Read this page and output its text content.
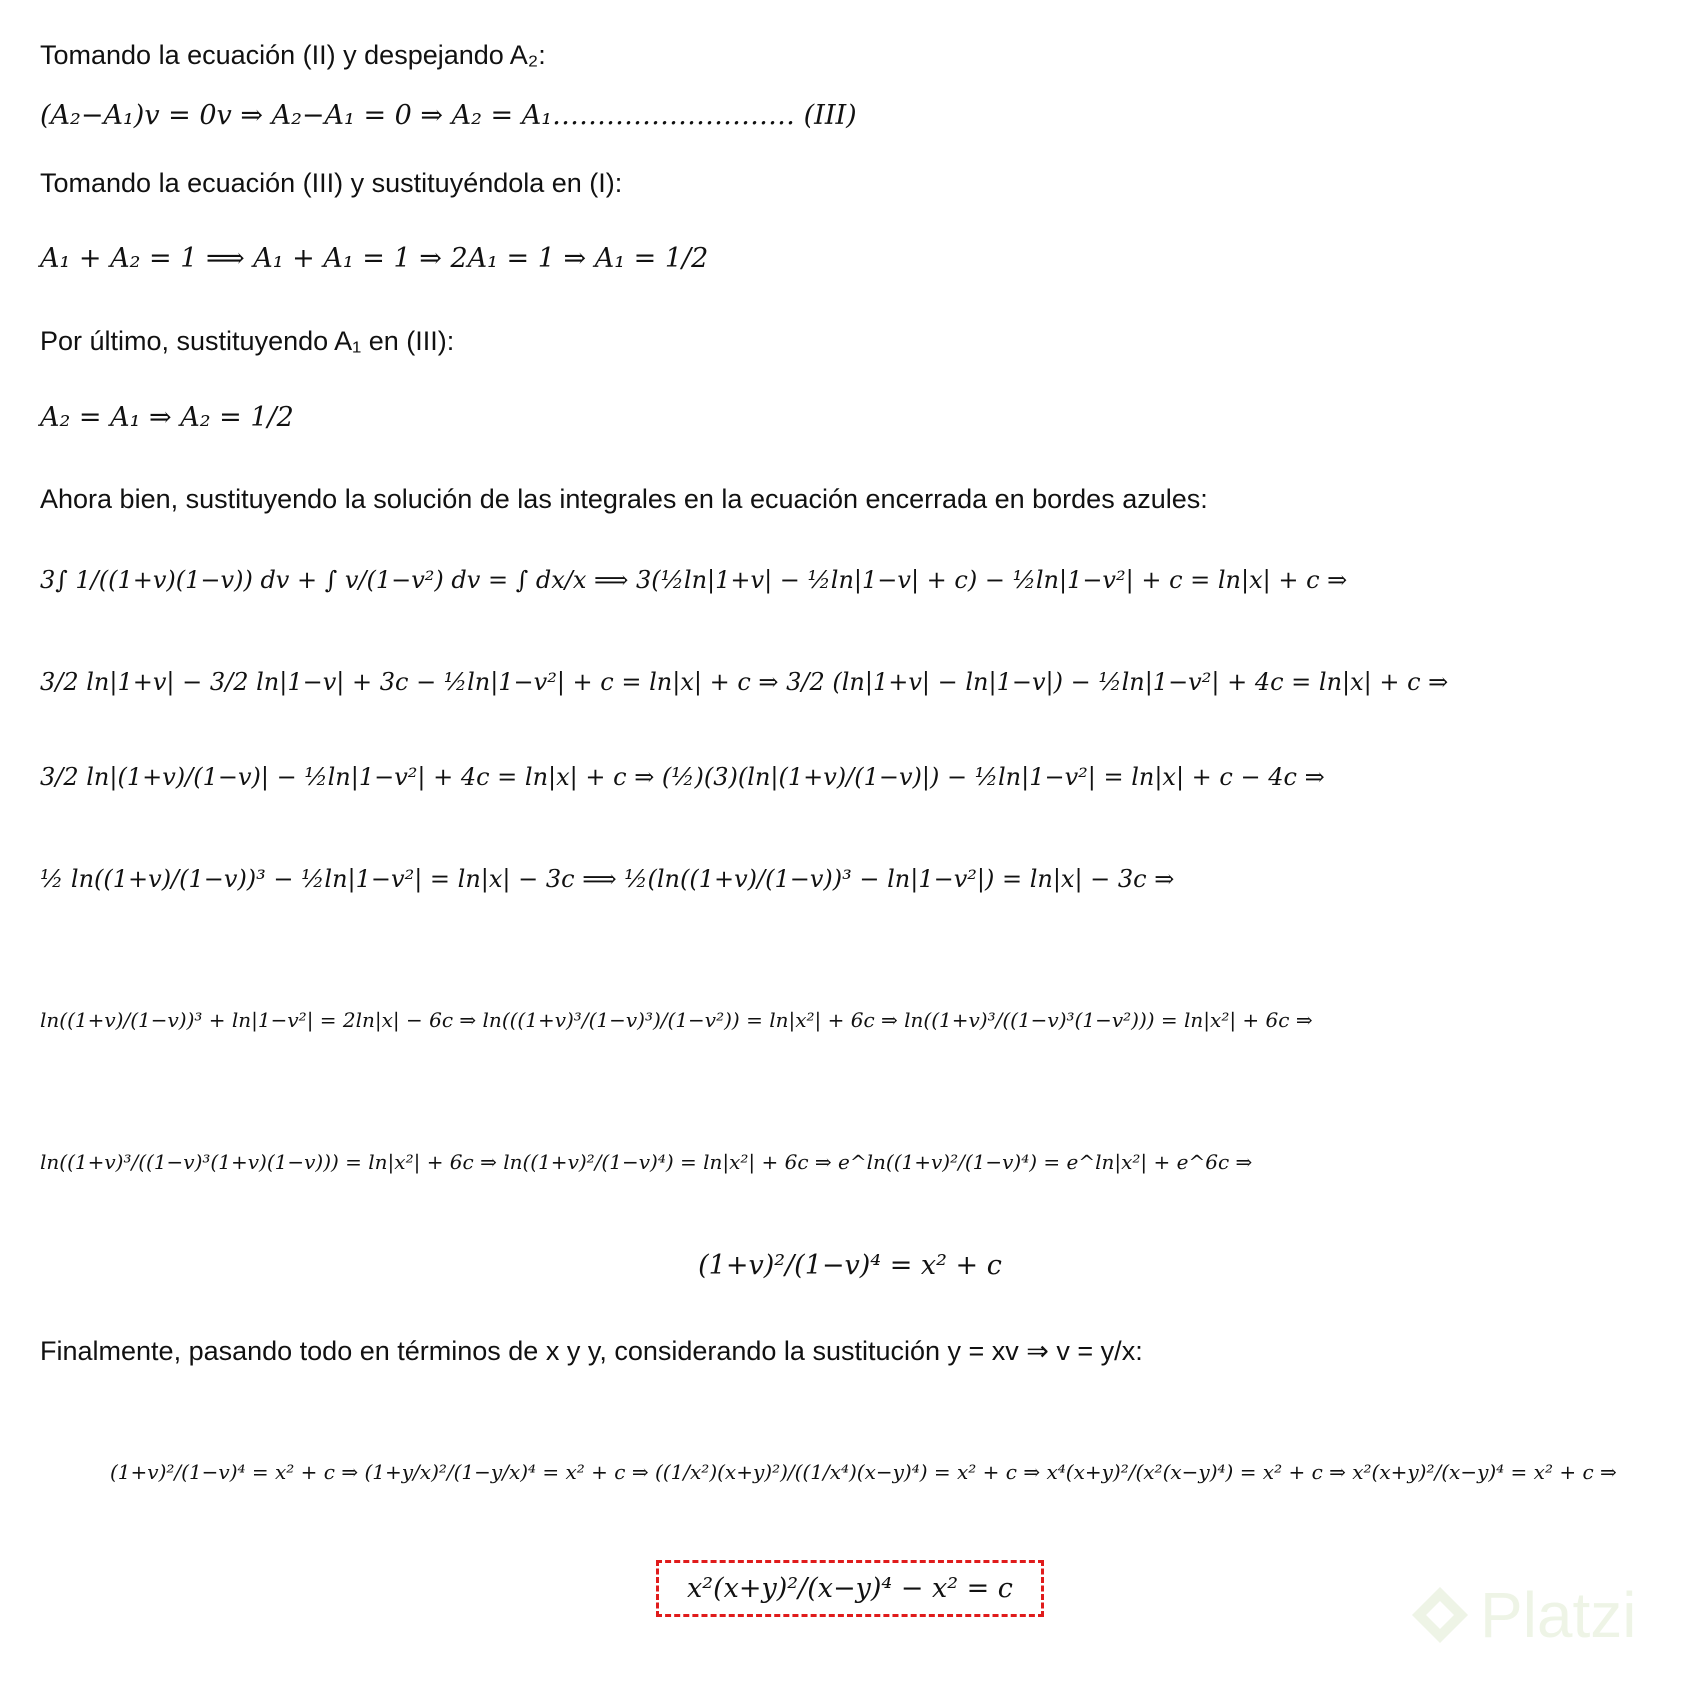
Tomando la ecuación (II) y despejando A₂:
(A₂−A₁)v = 0v ⇒ A₂−A₁ = 0 ⇒ A₂ = A₁……………………… (III)
Tomando la ecuación (III) y sustituyéndola en (I):
A₁ + A₂ = 1 ⟹ A₁ + A₁ = 1 ⇒ 2A₁ = 1 ⇒ A₁ = 1/2
Por último, sustituyendo A₁ en (III):
A₂ = A₁ ⇒ A₂ = 1/2
Ahora bien, sustituyendo la solución de las integrales en la ecuación encerrada en bordes azules:
3∫ 1/((1+v)(1−v)) dv + ∫ v/(1−v²) dv = ∫ dx/x ⟹ 3(½ln|1+v| − ½ln|1−v| + c) − ½ln|1−v²| + c = ln|x| + c ⇒
3/2 ln|1+v| − 3/2 ln|1−v| + 3c − ½ln|1−v²| + c = ln|x| + c ⇒ 3/2 (ln|1+v| − ln|1−v|) − ½ln|1−v²| + 4c = ln|x| + c ⇒
3/2 ln|(1+v)/(1−v)| − ½ln|1−v²| + 4c = ln|x| + c ⇒ (½)(3)(ln|(1+v)/(1−v)|) − ½ln|1−v²| = ln|x| + c − 4c ⇒
½ ln((1+v)/(1−v))³ − ½ln|1−v²| = ln|x| − 3c ⟹ ½(ln((1+v)/(1−v))³ − ln|1−v²|) = ln|x| − 3c ⇒
ln((1+v)/(1−v))³ + ln|1−v²| = 2ln|x| − 6c ⇒ ln(((1+v)³/(1−v)³)/(1−v²)) = ln|x²| + 6c ⇒ ln((1+v)³/((1−v)³(1−v²))) = ln|x²| + 6c ⇒
ln((1+v)³/((1−v)³(1+v)(1−v))) = ln|x²| + 6c ⇒ ln((1+v)²/(1−v)⁴) = ln|x²| + 6c ⇒ e^ln((1+v)²/(1−v)⁴) = e^ln|x²| + e^6c ⇒
(1+v)²/(1−v)⁴ = x² + c
Finalmente, pasando todo en términos de x y y, considerando la sustitución y = xv ⇒ v = y/x:
(1+v)²/(1−v)⁴ = x² + c ⇒ (1+y/x)²/(1−y/x)⁴ = x² + c ⇒ ((1/x²)(x+y)²)/((1/x⁴)(x−y)⁴) = x² + c ⇒ x⁴(x+y)²/(x²(x−y)⁴) = x² + c ⇒ x²(x+y)²/(x−y)⁴ = x² + c ⇒
x²(x+y)²/(x−y)⁴ − x² = c	Platzi
